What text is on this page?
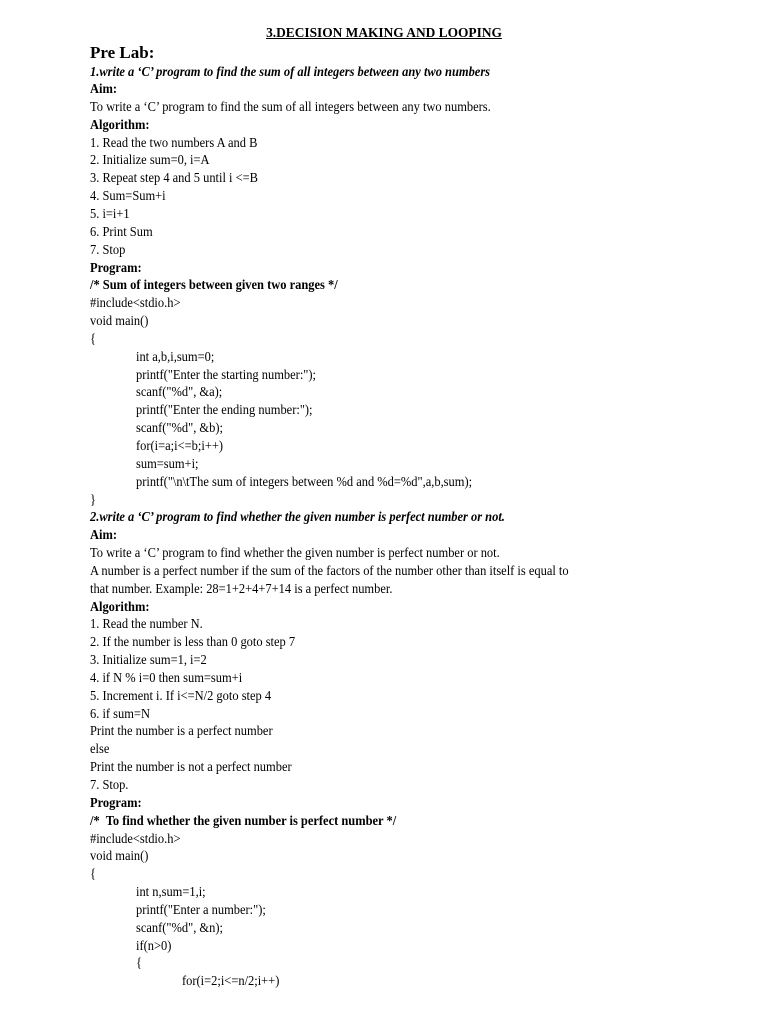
3.DECISION MAKING AND LOOPING
Pre Lab:
1.write a ‘C’ program to find the sum of all integers between any two numbers
Aim:
To write a ‘C’ program to find the sum of all integers between any two numbers.
Algorithm:
1. Read the two numbers A and B
2. Initialize sum=0, i=A
3. Repeat step 4 and 5 until i <=B
4. Sum=Sum+i
5. i=i+1
6. Print Sum
7. Stop
Program:
/* Sum of integers between given two ranges */
#include<stdio.h>
void main()
{
int a,b,i,sum=0;
printf("Enter the starting number:");
scanf("%d", &a);
printf("Enter the ending number:");
scanf("%d", &b);
for(i=a;i<=b;i++)
sum=sum+i;
printf("\n\tThe sum of integers between %d and %d=%d",a,b,sum);
}
2.write a ‘C’ program to find whether the given number is perfect number or not.
Aim:
To write a ‘C’ program to find whether the given number is perfect number or not.
A number is a perfect number if the sum of the factors of the number other than itself is equal to
that number. Example: 28=1+2+4+7+14 is a perfect number.
Algorithm:
1. Read the number N.
2. If the number is less than 0 goto step 7
3. Initialize sum=1, i=2
4. if N % i=0 then sum=sum+i
5. Increment i. If i<=N/2 goto step 4
6. if sum=N
Print the number is a perfect number
else
Print the number is not a perfect number
7. Stop.
Program:
/*  To find whether the given number is perfect number */
#include<stdio.h>
void main()
{
int n,sum=1,i;
printf("Enter a number:");
scanf("%d", &n);
if(n>0)
{
for(i=2;i<=n/2;i++)
